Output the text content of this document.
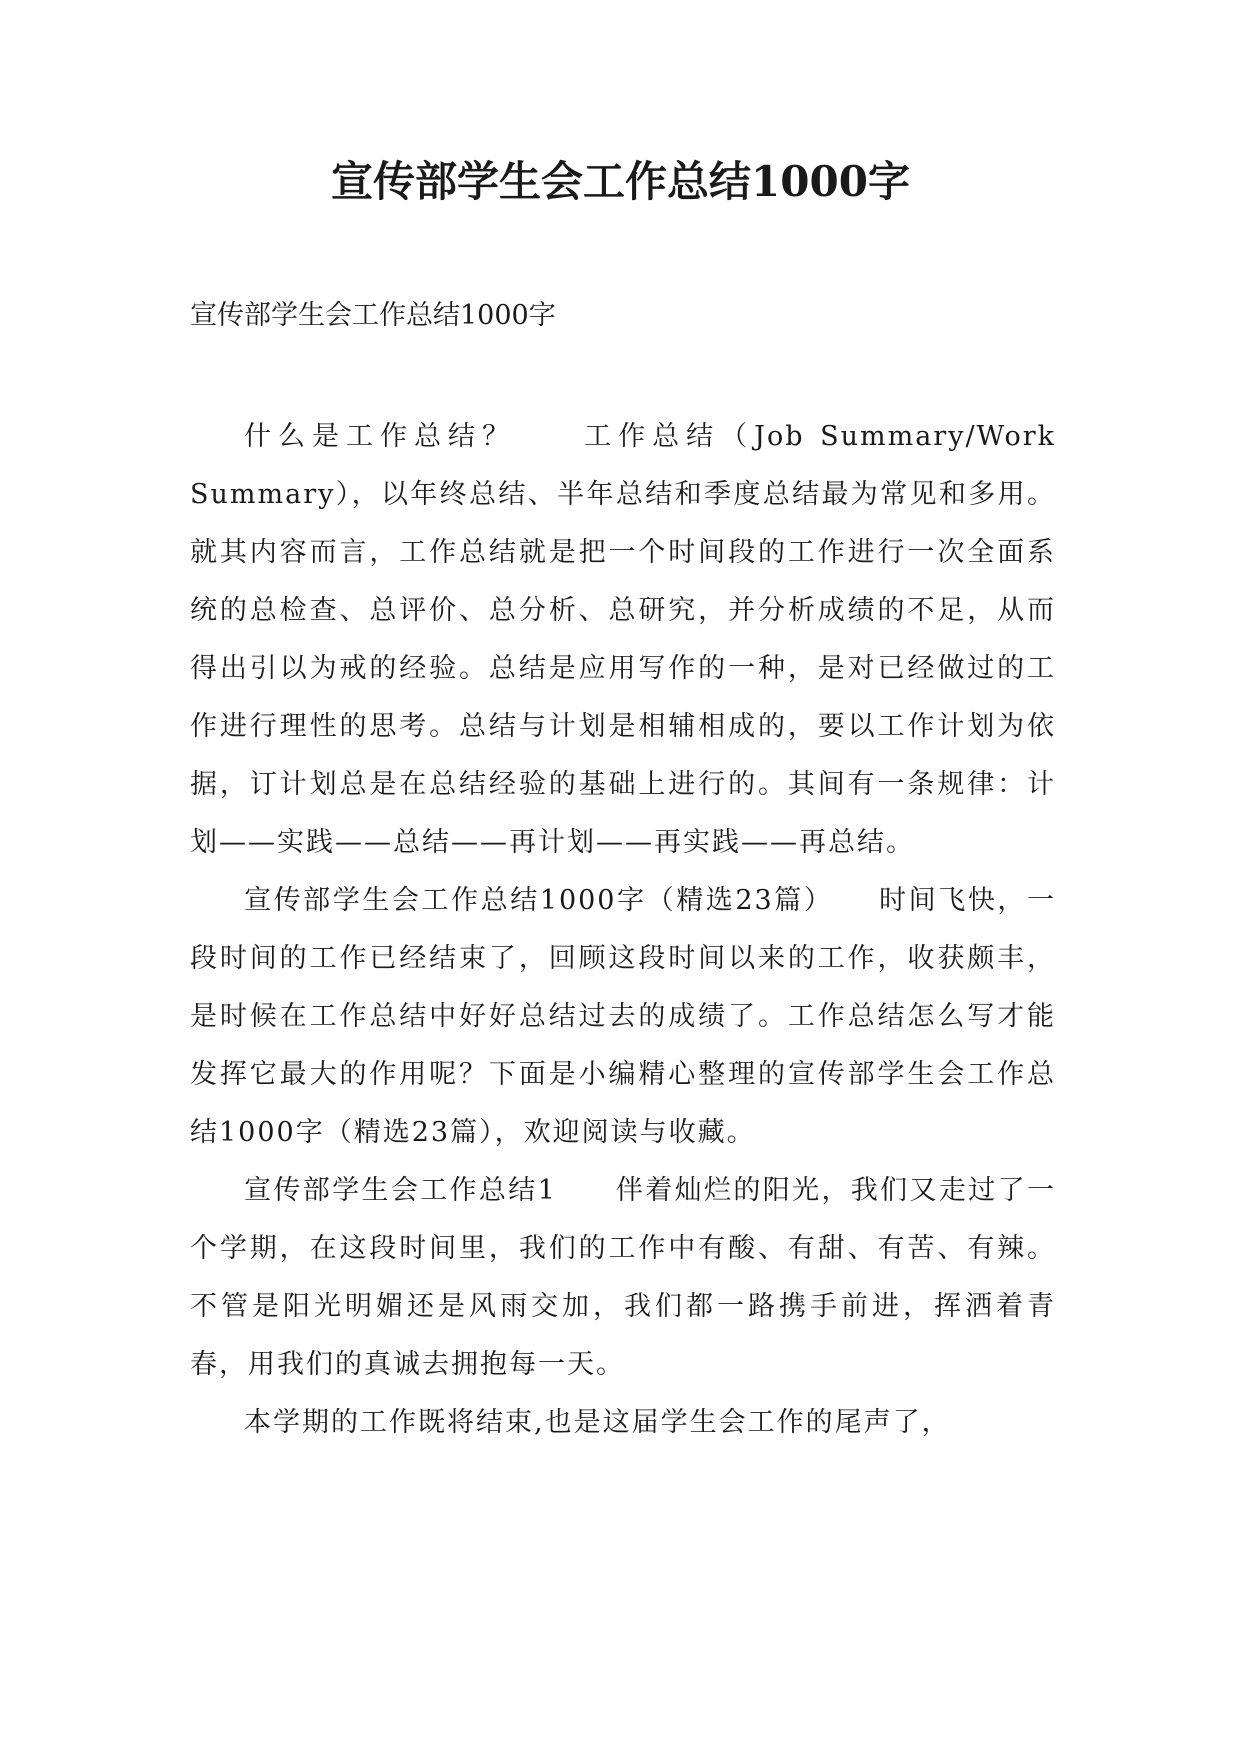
宣传部学生会工作总结1000字
宣传部学生会工作总结1000字

什么是工作总结？　　工作总结（Job Summary/Work Summary），以年终总结、半年总结和季度总结最为常见和多用。就其内容而言，工作总结就是把一个时间段的工作进行一次全面系统的总检查、总评价、总分析、总研究，并分析成绩的不足，从而得出引以为戒的经验。总结是应用写作的一种，是对已经做过的工作进行理性的思考。总结与计划是相辅相成的，要以工作计划为依据，订计划总是在总结经验的基础上进行的。其间有一条规律：计划——实践——总结——再计划——再实践——再总结。

宣传部学生会工作总结1000字（精选23篇）　　时间飞快，一段时间的工作已经结束了，回顾这段时间以来的工作，收获颇丰，是时候在工作总结中好好总结过去的成绩了。工作总结怎么写才能发挥它最大的作用呢？下面是小编精心整理的宣传部学生会工作总结1000字（精选23篇），欢迎阅读与收藏。

宣传部学生会工作总结1　　伴着灿烂的阳光，我们又走过了一个学期，在这段时间里，我们的工作中有酸、有甜、有苦、有辣。不管是阳光明媚还是风雨交加，我们都一路携手前进，挥洒着青春，用我们的真诚去拥抱每一天。

本学期的工作既将结束,也是这届学生会工作的尾声了，
